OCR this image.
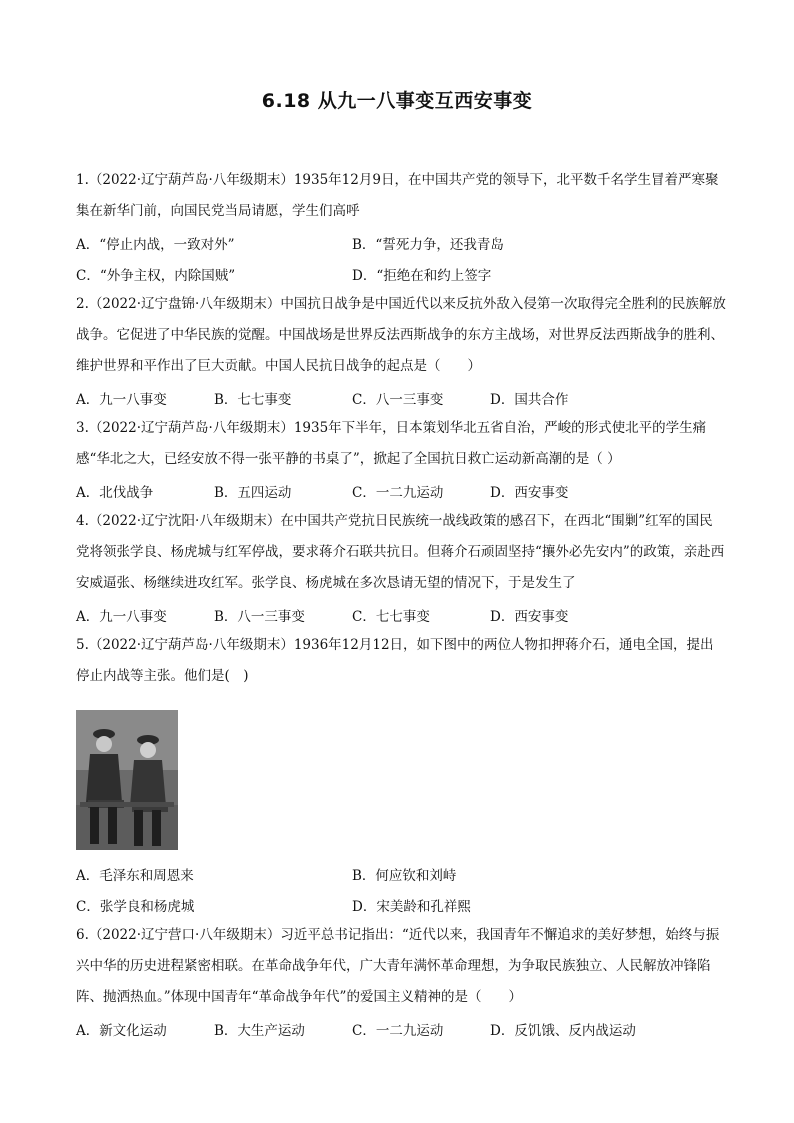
6.18 从九一八事变互西安事变

1.（2022·辽宁葫芦岛·八年级期末）1935年12月9日，在中国共产党的领导下，北平数千名学生冒着严寒聚集在新华门前，向国民党当局请愿，学生们高呼

A．“停止内战，一致对外”	B．“誓死力争，还我青岛
C．“外争主权，内除国贼”	D．“拒绝在和约上签字

2.（2022·辽宁盘锦·八年级期末）中国抗日战争是中国近代以来反抗外敌入侵第一次取得完全胜利的民族解放战争。它促进了中华民族的觉醒。中国战场是世界反法西斯战争的东方主战场，对世界反法西斯战争的胜利、维护世界和平作出了巨大贡献。中国人民抗日战争的起点是（　　）

A．九一八事变	B．七七事变	C．八一三事变	D．国共合作

3.（2022·辽宁葫芦岛·八年级期末）1935年下半年，日本策划华北五省自治，严峻的形式使北平的学生痛感“华北之大，已经安放不得一张平静的书桌了”，掀起了全国抗日救亡运动新高潮的是（ ）

A．北伐战争	B．五四运动	C．一二九运动	D．西安事变

4.（2022·辽宁沈阳·八年级期末）在中国共产党抗日民族统一战线政策的感召下，在西北“围剿”红军的国民党将领张学良、杨虎城与红军停战，要求蒋介石联共抗日。但蒋介石顽固坚持“攘外必先安内”的政策，亲赴西安威逼张、杨继续进攻红军。张学良、杨虎城在多次恳请无望的情况下，于是发生了

A．九一八事变	B．八一三事变	C．七七事变	D．西安事变

5.（2022·辽宁葫芦岛·八年级期末）1936年12月12日，如下图中的两位人物扣押蒋介石，通电全国，提出停止内战等主张。他们是(　)

A．毛泽东和周恩来	B．何应钦和刘峙
C．张学良和杨虎城	D．宋美龄和孔祥熙

6.（2022·辽宁营口·八年级期末）习近平总书记指出：“近代以来，我国青年不懈追求的美好梦想，始终与振兴中华的历史进程紧密相联。在革命战争年代，广大青年满怀革命理想，为争取民族独立、人民解放冲锋陷阵、抛洒热血。”体现中国青年“革命战争年代”的爱国主义精神的是（　　）

A．新文化运动	B．大生产运动	C．一二九运动	D．反饥饿、反内战运动
